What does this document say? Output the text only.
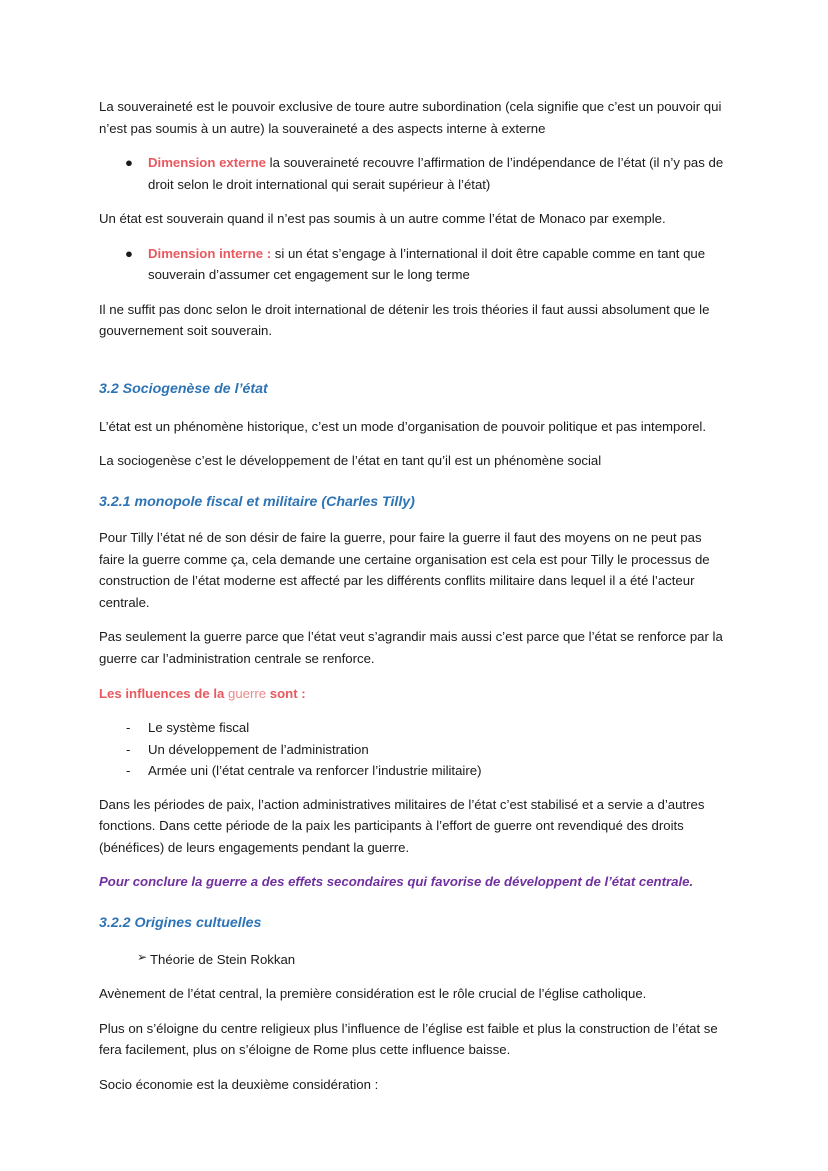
La souveraineté est le pouvoir exclusive de toure autre subordination (cela signifie que c’est un pouvoir qui n’est pas soumis à un autre) la souveraineté a des aspects interne à externe

● Dimension externe la souveraineté recouvre l’affirmation de l’indépendance de l’état (il n’y pas de droit selon le droit international qui serait supérieur à l’état)

Un état est souverain quand il n’est pas soumis à un autre comme l’état de Monaco par exemple.

● Dimension interne : si un état s’engage à l’international il doit être capable comme en tant que souverain d’assumer cet engagement sur le long terme

Il ne suffit pas donc selon le droit international de détenir les trois théories il faut aussi absolument que le gouvernement soit souverain.

3.2 Sociogenèse de l’état

L’état est un phénomène historique, c’est un mode d’organisation de pouvoir politique et pas intemporel.

La sociogenèse c’est le développement de l’état en tant qu’il est un phénomène social

3.2.1 monopole fiscal et militaire (Charles Tilly)

Pour Tilly l’état né de son désir de faire la guerre, pour faire la guerre il faut des moyens on ne peut pas faire la guerre comme ça, cela demande une certaine organisation est cela est pour Tilly le processus de construction de l’état moderne est affecté par les différents conflits militaire dans lequel il a été l’acteur centrale.

Pas seulement la guerre parce que l’état veut s’agrandir mais aussi c’est parce que l’état se renforce par la guerre car l’administration centrale se renforce.

Les influences de la guerre sont :

- Le système fiscal
- Un développement de l’administration
- Armée uni (l’état centrale va renforcer l’industrie militaire)

Dans les périodes de paix, l’action administratives militaires de l’état c’est stabilisé et a servie a d’autres fonctions. Dans cette période de la paix les participants à l’effort de guerre ont revendiqué des droits (bénéfices) de leurs engagements pendant la guerre.

Pour conclure la guerre a des effets secondaires qui favorise de développent de l’état centrale.

3.2.2 Origines cultuelles
➢ Théorie de Stein Rokkan

Avènement de l’état central, la première considération est le rôle crucial de l’église catholique.

Plus on s’éloigne du centre religieux plus l’influence de l’église est faible et plus la construction de l’état se fera facilement, plus on s’éloigne de Rome plus cette influence baisse.

Socio économie est la deuxième considération :
